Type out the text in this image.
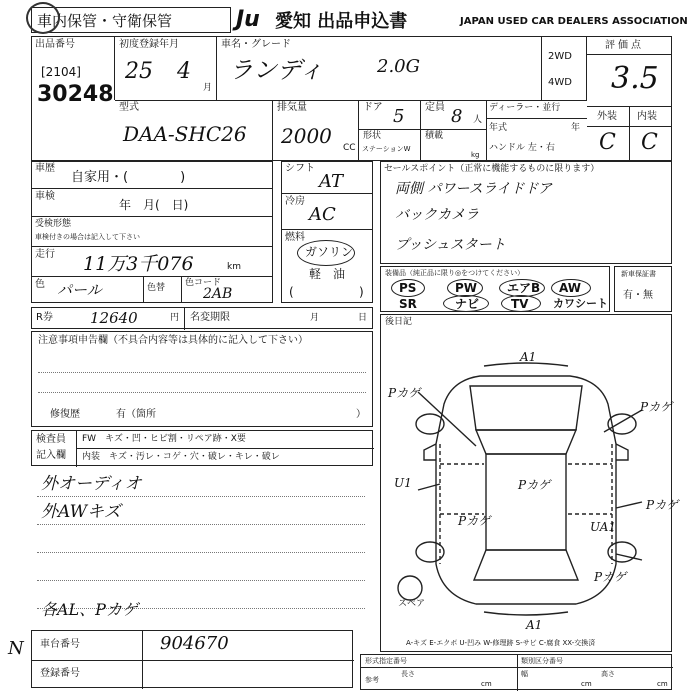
車内保管・守衛保管	Ju 愛知 出品申込書	JAPAN USED CAR DEALERS ASSOCIATION
出品番号
[2104]
30248
初度登録年月
25 4
月
車名・グレード
ランディ	2.0G	2WD
4WD
評価点
3.5
外装 内装
C C
型式
DAA-SHC26
排気量
2000 CC
ドア 5 定員 8 人
形状
ステーションW
積載
kg
ディーラー・並行
年式	年
ハンドル 左・右
車歴
自家用・(　　　　)
車検
年　月(　日)
受検形態
車検付きの場合は記入して下さい
走行 11万3千076	km
色 パール	色替 色コード
2AB
シフト
AT
冷房
AC
燃料
ガソリン
軽　油
(	)
セールスポイント（正常に機能するものに限ります）
両側 パワースライドドア
バックカメラ
プッシュスタート
装備品（純正品に限り◎をつけてください）
PS	PW エアB AW
SR	ナビ	TV カワシート
新車保証書
有・無
R券 12640	円 名変期限	月	日
注意事項申告欄（不具合内容等は具体的に記入して下さい）
修復歴	有（箇所	）
検査員
記入欄
FW　キズ・凹・ヒビ割・リペア跡・X要
内装　キズ・汚レ・コゲ・穴・破レ・キレ・破レ
外オーディオ
外AWキズ
各AL、Pカゲ
車台番号	904670
登録番号
N
後日記
A1
A1
Pカゲ
Pカゲ
U1	Pカゲ
Pカゲ
Pカゲ
UA1
Pカゲ
スペア
A-キズ E-エクボ U-凹み W-修理跡 S-サビ C-腐食 XX-交換済
形式指定番号	類別区分番号
参考
長さ
cm
幅
cm
高さ
cm
